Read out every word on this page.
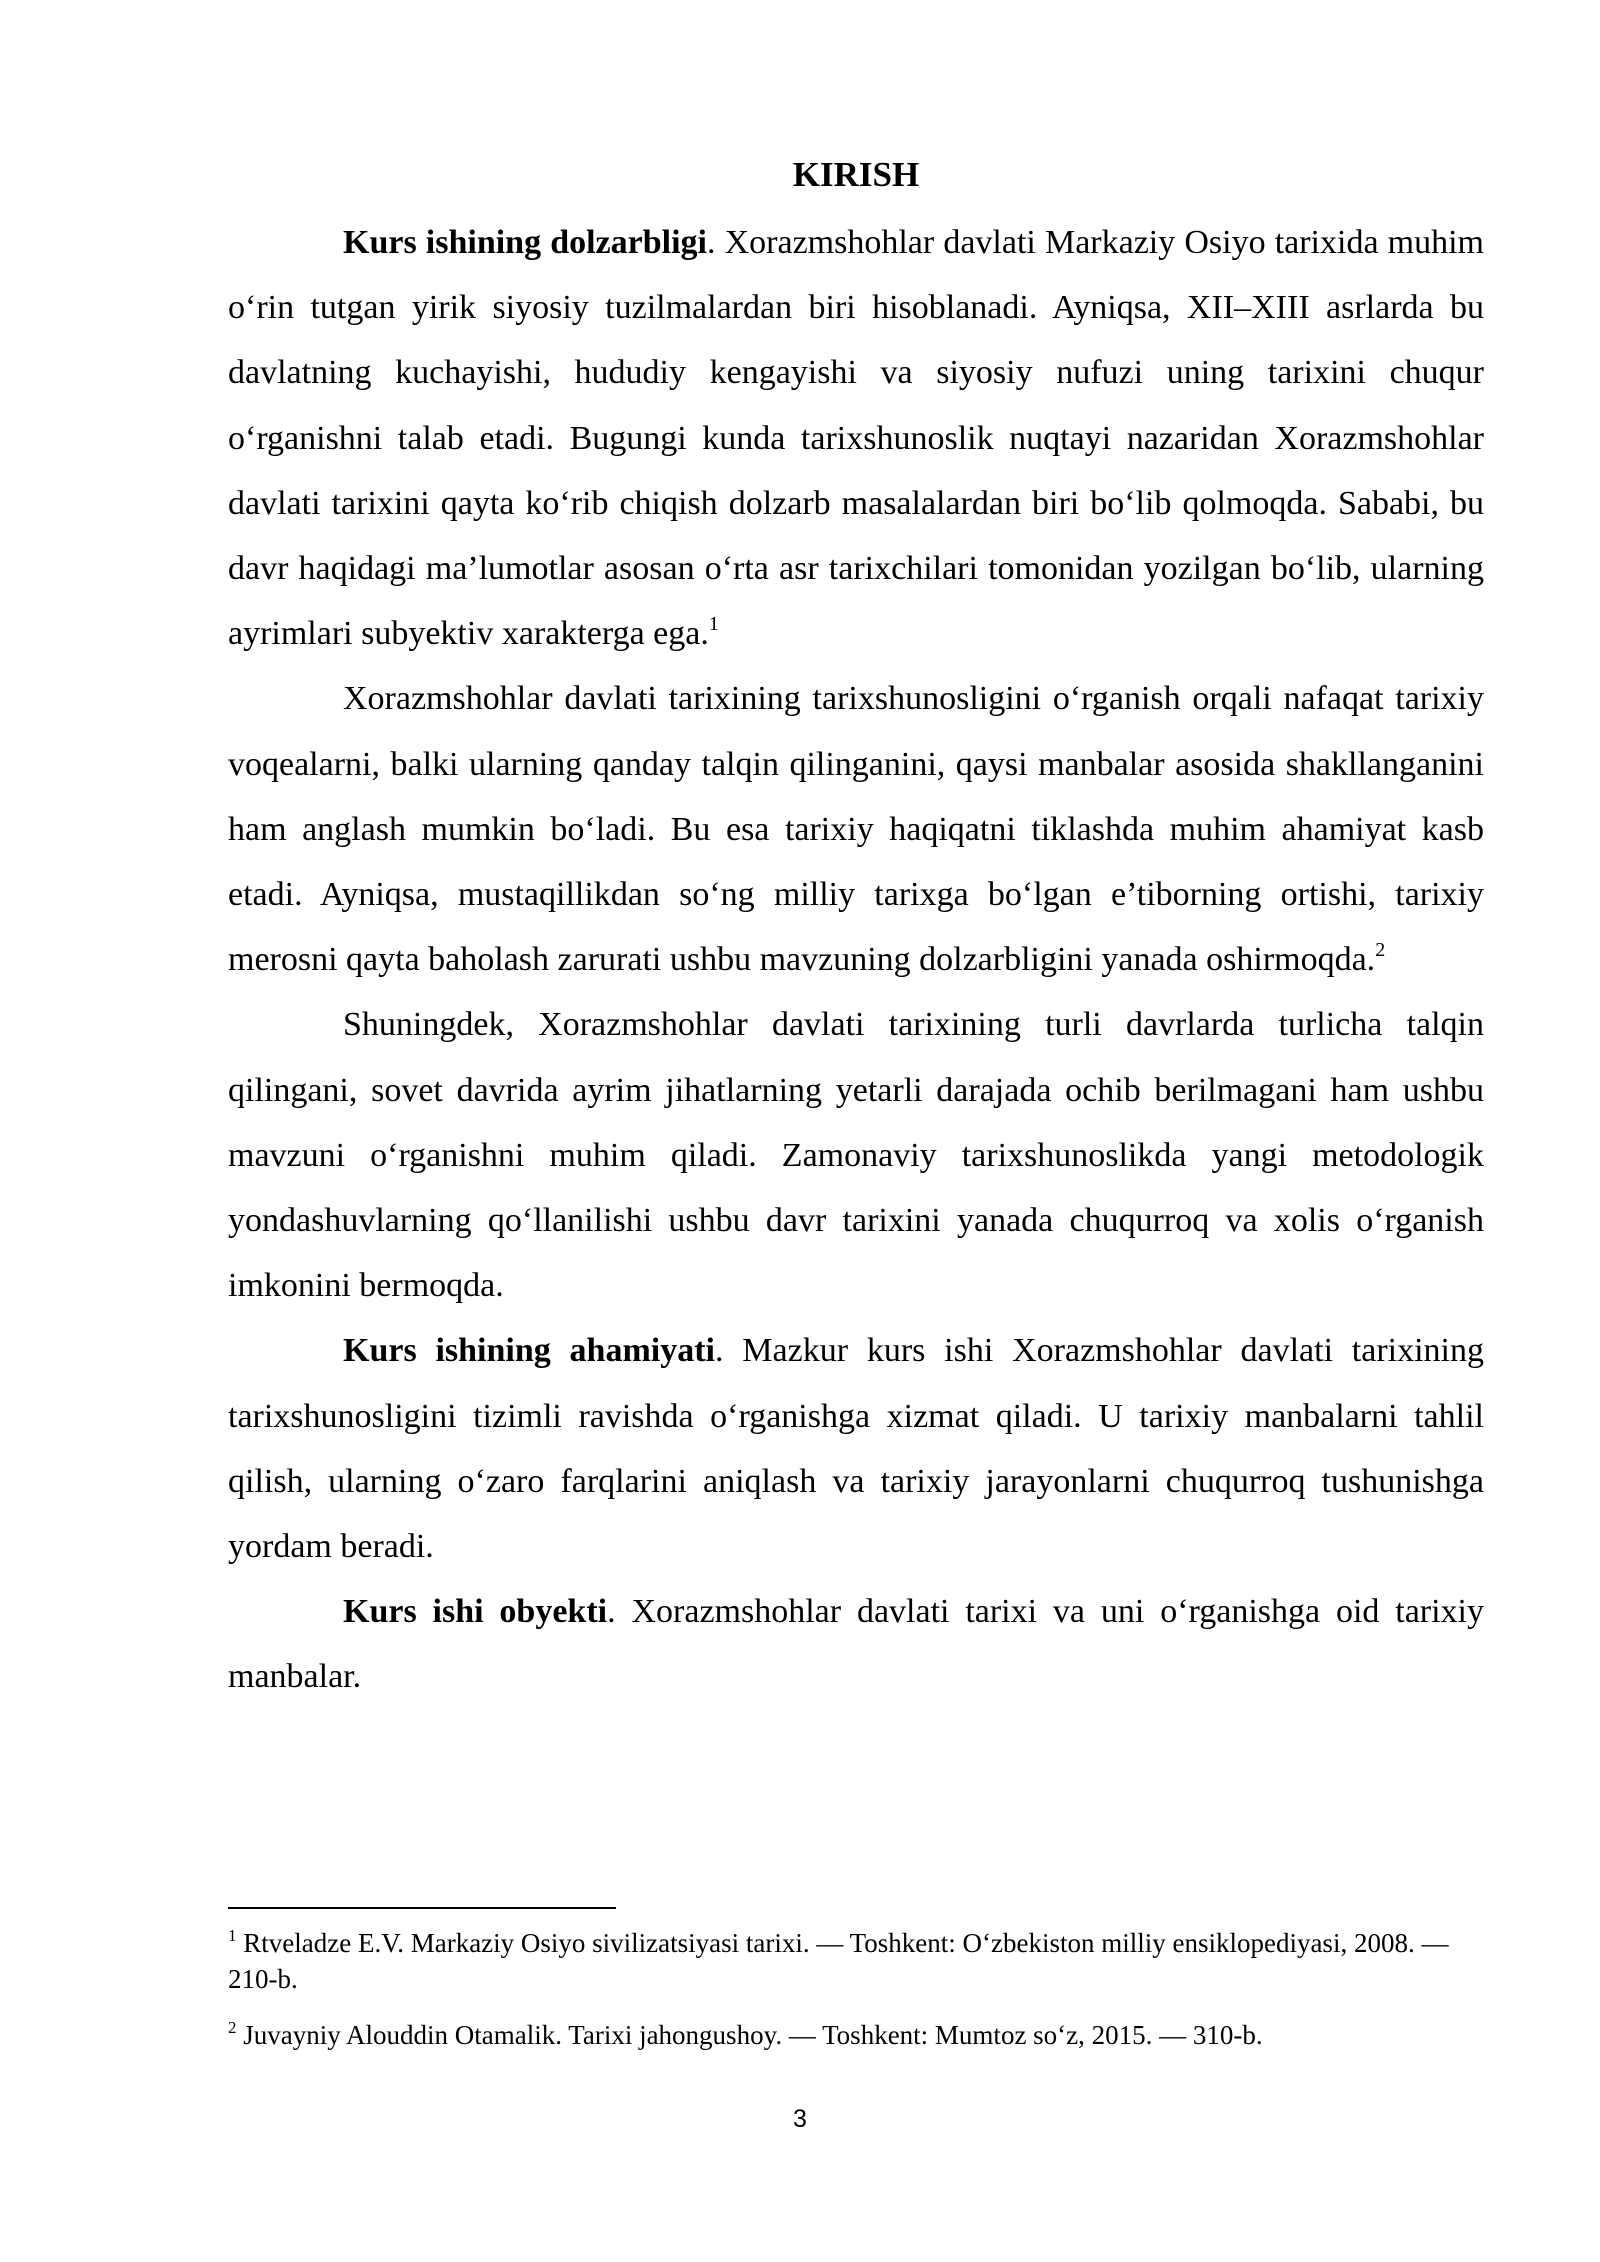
KIRISH

Kurs ishining dolzarbligi. Xorazmshohlar davlati Markaziy Osiyo tarixida muhim o‘rin tutgan yirik siyosiy tuzilmalardan biri hisoblanadi. Ayniqsa, XII–XIII asrlarda bu davlatning kuchayishi, hududiy kengayishi va siyosiy nufuzi uning tarixini chuqur o‘rganishni talab etadi. Bugungi kunda tarixshunoslik nuqtayi nazaridan Xorazmshohlar davlati tarixini qayta ko‘rib chiqish dolzarb masalalardan biri bo‘lib qolmoqda. Sababi, bu davr haqidagi ma’lumotlar asosan o‘rta asr tarixchilari tomonidan yozilgan bo‘lib, ularning ayrimlari subyektiv xarakterga ega.$^1$

Xorazmshohlar davlati tarixining tarixshunosligini o‘rganish orqali nafaqat tarixiy voqealarni, balki ularning qanday talqin qilinganini, qaysi manbalar asosida shakllanganini ham anglash mumkin bo‘ladi. Bu esa tarixiy haqiqatni tiklashda muhim ahamiyat kasb etadi. Ayniqsa, mustaqillikdan so‘ng milliy tarixga bo‘lgan e’tiborning ortishi, tarixiy merosni qayta baholash zarurati ushbu mavzuning dolzarbligini yanada oshirmoqda.$^2$

Shuningdek, Xorazmshohlar davlati tarixining turli davrlarda turlicha talqin qilingani, sovet davrida ayrim jihatlarning yetarli darajada ochib berilmagani ham ushbu mavzuni o‘rganishni muhim qiladi. Zamonaviy tarixshunoslikda yangi metodologik yondashuvlarning qo‘llanilishi ushbu davr tarixini yanada chuqurroq va xolis o‘rganish imkonini bermoqda.

Kurs ishining ahamiyati. Mazkur kurs ishi Xorazmshohlar davlati tarixining tarixshunosligini tizimli ravishda o‘rganishga xizmat qiladi. U tarixiy manbalarni tahlil qilish, ularning o‘zaro farqlarini aniqlash va tarixiy jarayonlarni chuqurroq tushunishga yordam beradi.

Kurs ishi obyekti. Xorazmshohlar davlati tarixi va uni o‘rganishga oid tarixiy manbalar.

$^1$ Rtveladze E.V. Markaziy Osiyo sivilizatsiyasi tarixi. — Toshkent: O‘zbekiston milliy ensiklopediyasi, 2008. — 210-b.

$^2$ Juvayniy Alouddin Otamalik. Tarixi jahongushoy. — Toshkent: Mumtoz so‘z, 2015. — 310-b.

3
